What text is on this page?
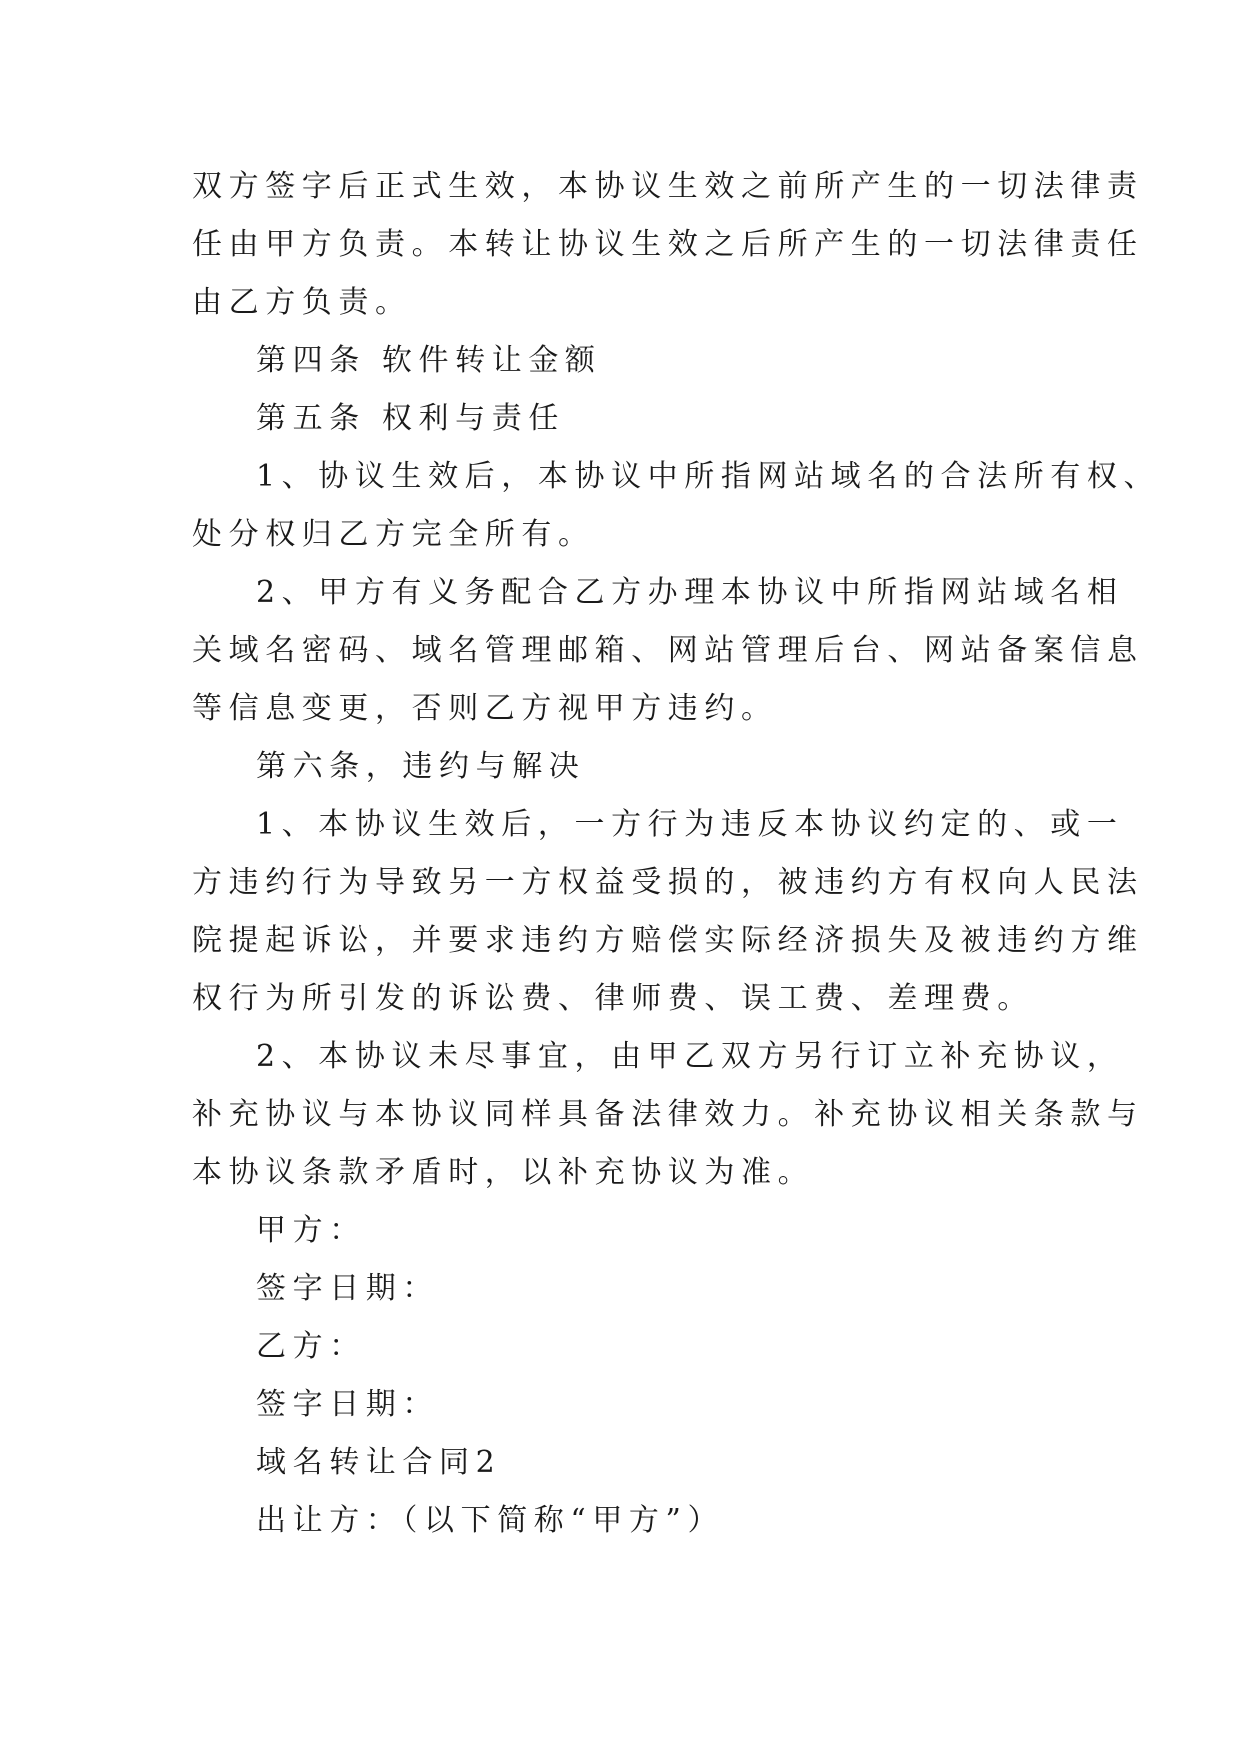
双方签字后正式生效，本协议生效之前所产生的一切法律责
任由甲方负责。本转让协议生效之后所产生的一切法律责任
由乙方负责。
第四条 软件转让金额
第五条 权利与责任
1、协议生效后，本协议中所指网站域名的合法所有权、
处分权归乙方完全所有。
2、甲方有义务配合乙方办理本协议中所指网站域名相
关域名密码、域名管理邮箱、网站管理后台、网站备案信息
等信息变更，否则乙方视甲方违约。
第六条，违约与解决
1、本协议生效后，一方行为违反本协议约定的、或一
方违约行为导致另一方权益受损的，被违约方有权向人民法
院提起诉讼，并要求违约方赔偿实际经济损失及被违约方维
权行为所引发的诉讼费、律师费、误工费、差理费。
2、本协议未尽事宜，由甲乙双方另行订立补充协议，
补充协议与本协议同样具备法律效力。补充协议相关条款与
本协议条款矛盾时，以补充协议为准。
甲方：
签字日期：
乙方：
签字日期：
域名转让合同2
出让方：（以下简称“甲方”）
